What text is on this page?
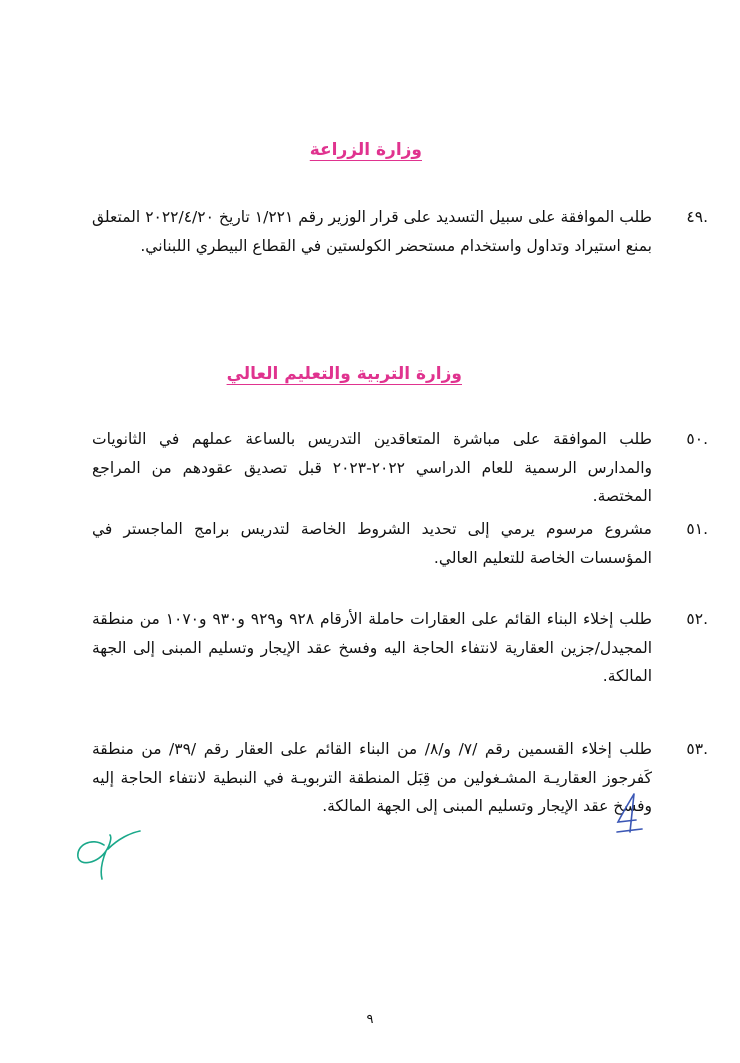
وزارة الزراعة
.٤٩
طلب الموافقة على سبيل التسديد على قرار الوزير رقم ١/٢٢١ تاريخ ٢٠٢٢/٤/٢٠ المتعلق بمنع استيراد وتداول واستخدام مستحضر الكولستين في القطاع البيطري اللبناني.
وزارة التربية والتعليم العالي
.٥٠
طلب الموافقة على مباشرة المتعاقدين التدريس بالساعة عملهم في الثانويات والمدارس الرسمية للعام الدراسي ٢٠٢٢-٢٠٢٣ قبل تصديق عقودهم من المراجع المختصة.
.٥١
مشروع مرسوم يرمي إلى تحديد الشروط الخاصة لتدريس برامج الماجستر في المؤسسات الخاصة للتعليم العالي.
.٥٢
طلب إخلاء البناء القائم على العقارات حاملة الأرقام ٩٢٨ و٩٢٩ و٩٣٠ و١٠٧٠ من منطقة المجيدل/جزين العقارية لانتفاء الحاجة اليه وفسخ عقد الإيجار وتسليم المبنى إلى الجهة المالكة.
.٥٣
طلب إخلاء القسمين رقم /٧/ و/٨/ من البناء القائم على العقار رقم /٣٩/ من منطقة كَفرجوز العقاريـة المشـغولين من قِبَل المنطقة التربويـة في النبطية لانتفاء الحاجة إليه وفسخ عقد الإيجار وتسليم المبنى إلى الجهة المالكة.
٩
